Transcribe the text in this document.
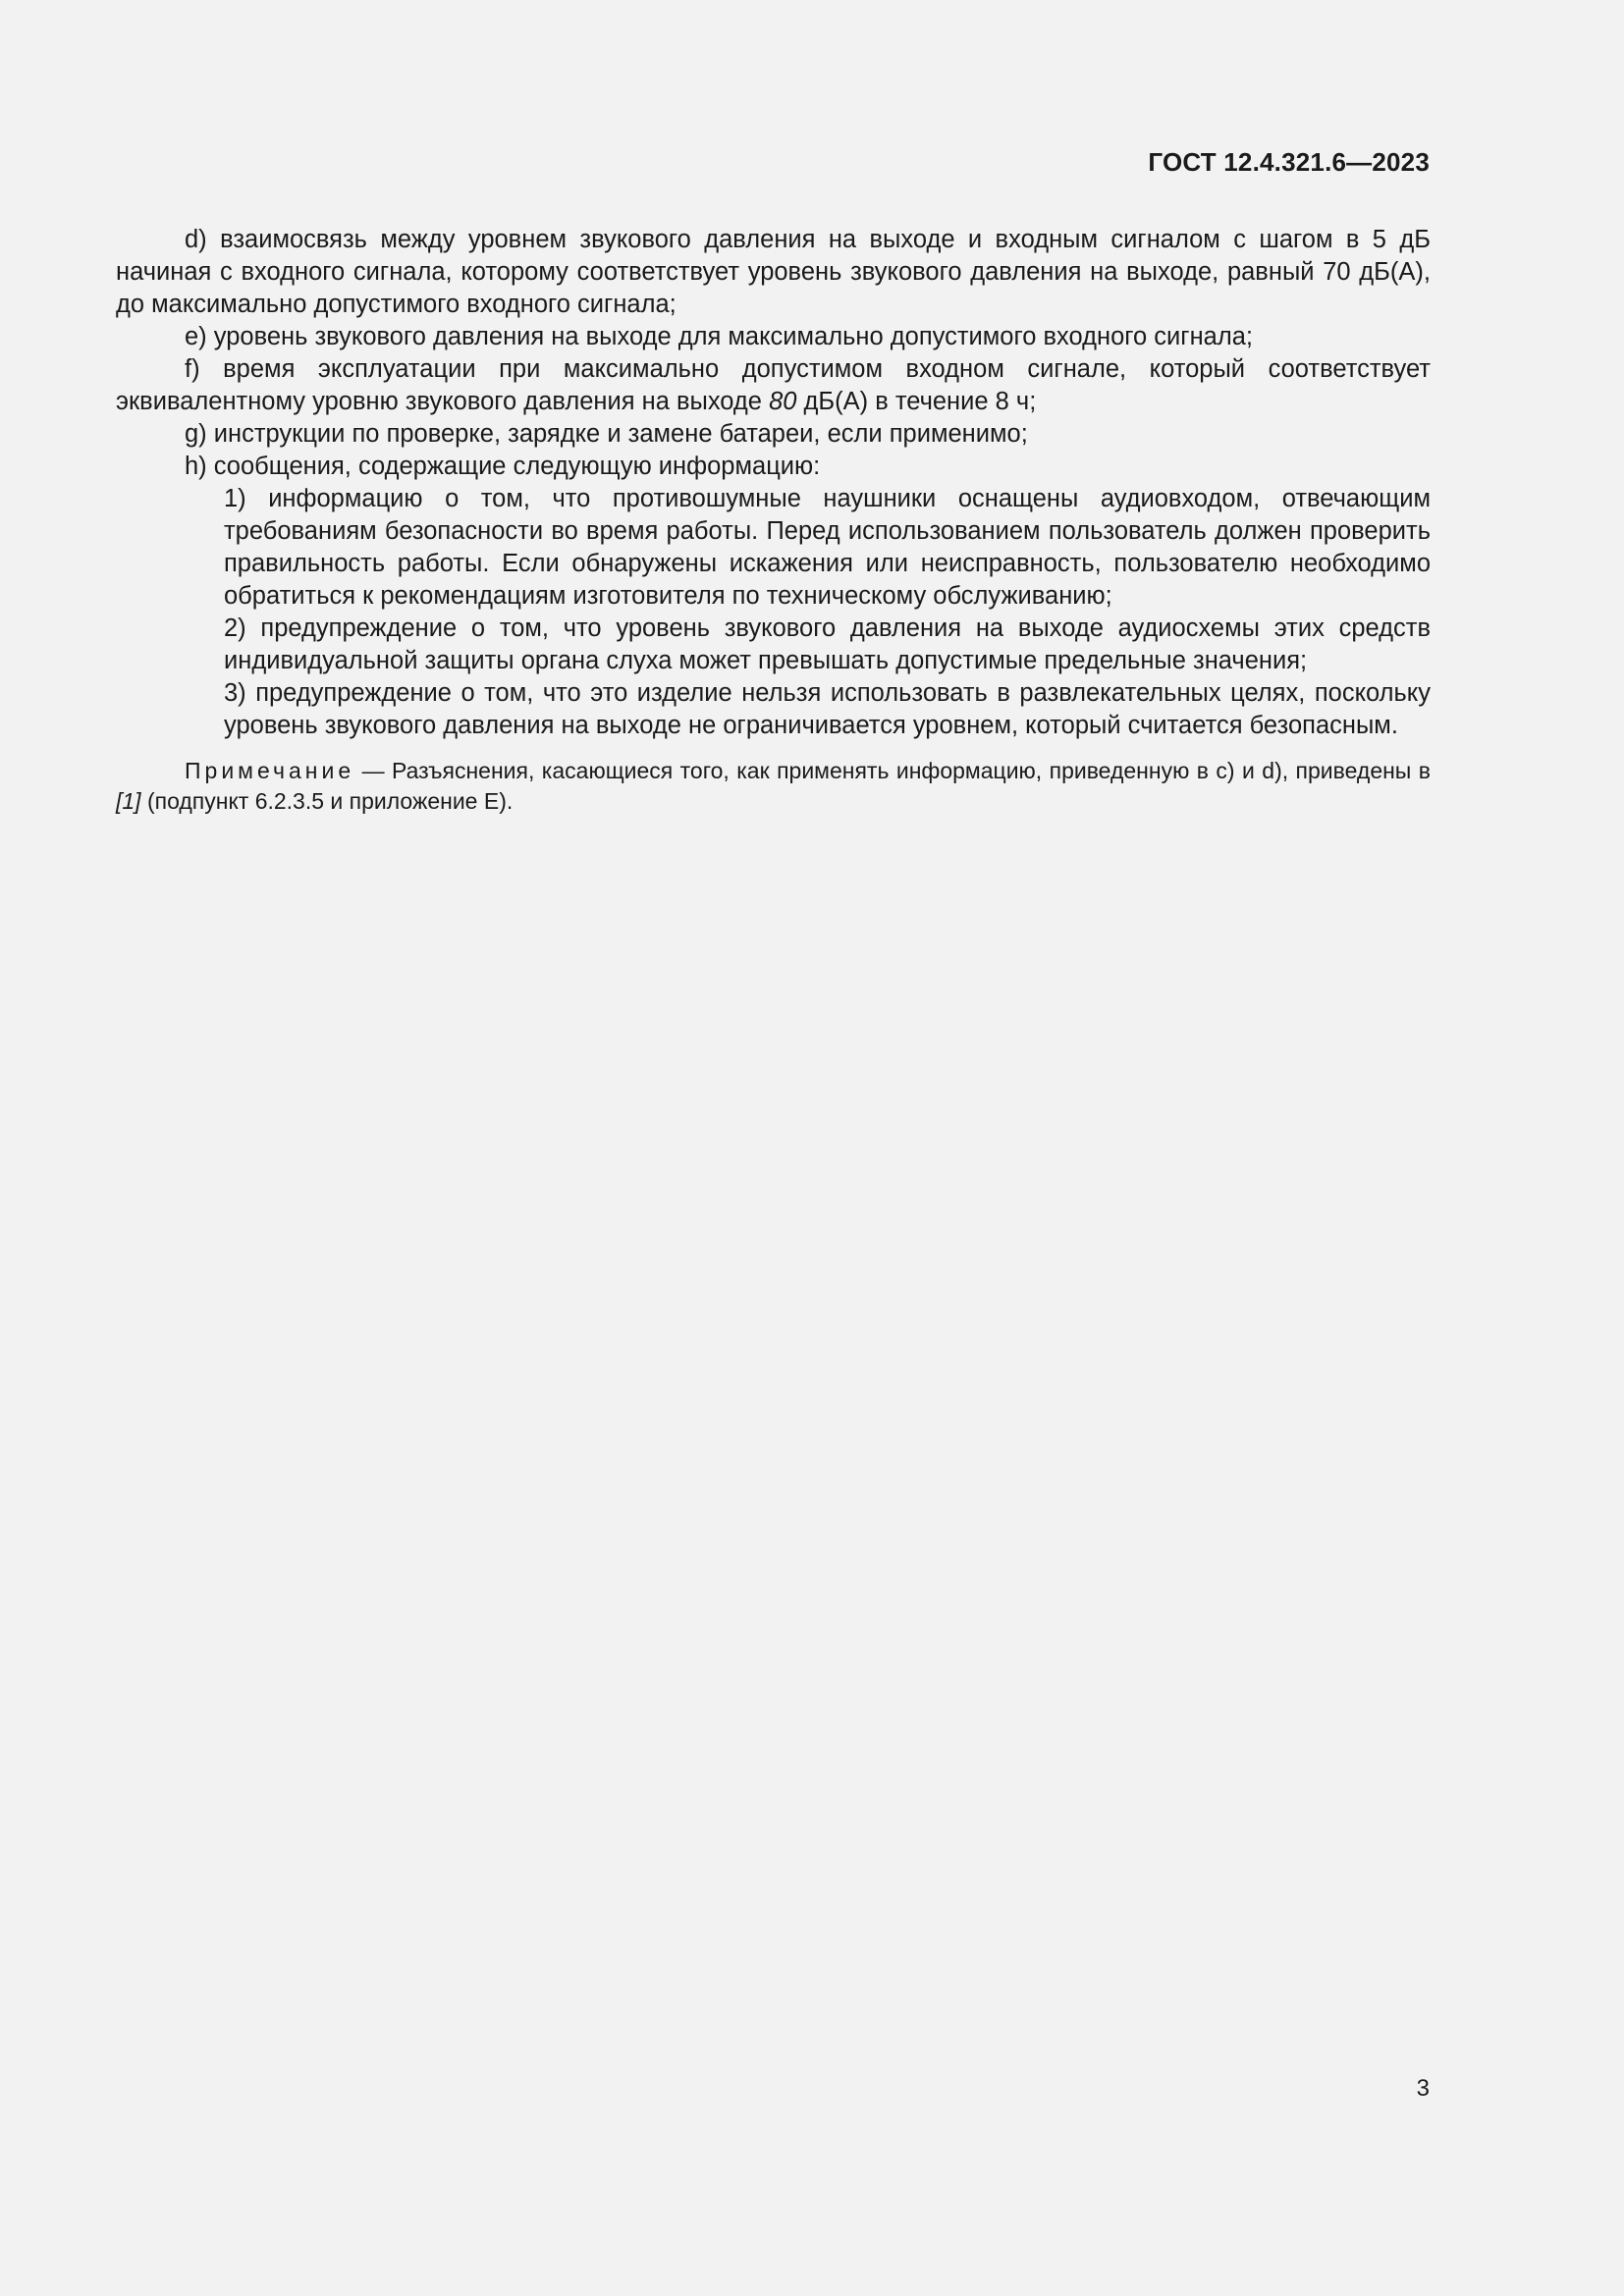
ГОСТ 12.4.321.6—2023

d) взаимосвязь между уровнем звукового давления на выходе и входным сигналом с шагом в 5 дБ начиная с входного сигнала, которому соответствует уровень звукового давления на выходе, равный 70 дБ(А), до максимально допустимого входного сигнала;

e) уровень звукового давления на выходе для максимально допустимого входного сигнала;

f) время эксплуатации при максимально допустимом входном сигнале, который соответствует эквивалентному уровню звукового давления на выходе 80 дБ(А) в течение 8 ч;

g) инструкции по проверке, зарядке и замене батареи, если применимо;

h) сообщения, содержащие следующую информацию:

1) информацию о том, что противошумные наушники оснащены аудиовходом, отвечающим требованиям безопасности во время работы. Перед использованием пользователь должен проверить правильность работы. Если обнаружены искажения или неисправность, пользователю необходимо обратиться к рекомендациям изготовителя по техническому обслуживанию;

2) предупреждение о том, что уровень звукового давления на выходе аудиосхемы этих средств индивидуальной защиты органа слуха может превышать допустимые предельные значения;

3) предупреждение о том, что это изделие нельзя использовать в развлекательных целях, поскольку уровень звукового давления на выходе не ограничивается уровнем, который считается безопасным.

Примечание — Разъяснения, касающиеся того, как применять информацию, приведенную в с) и d), приведены в [1] (подпункт 6.2.3.5 и приложение Е).

3
